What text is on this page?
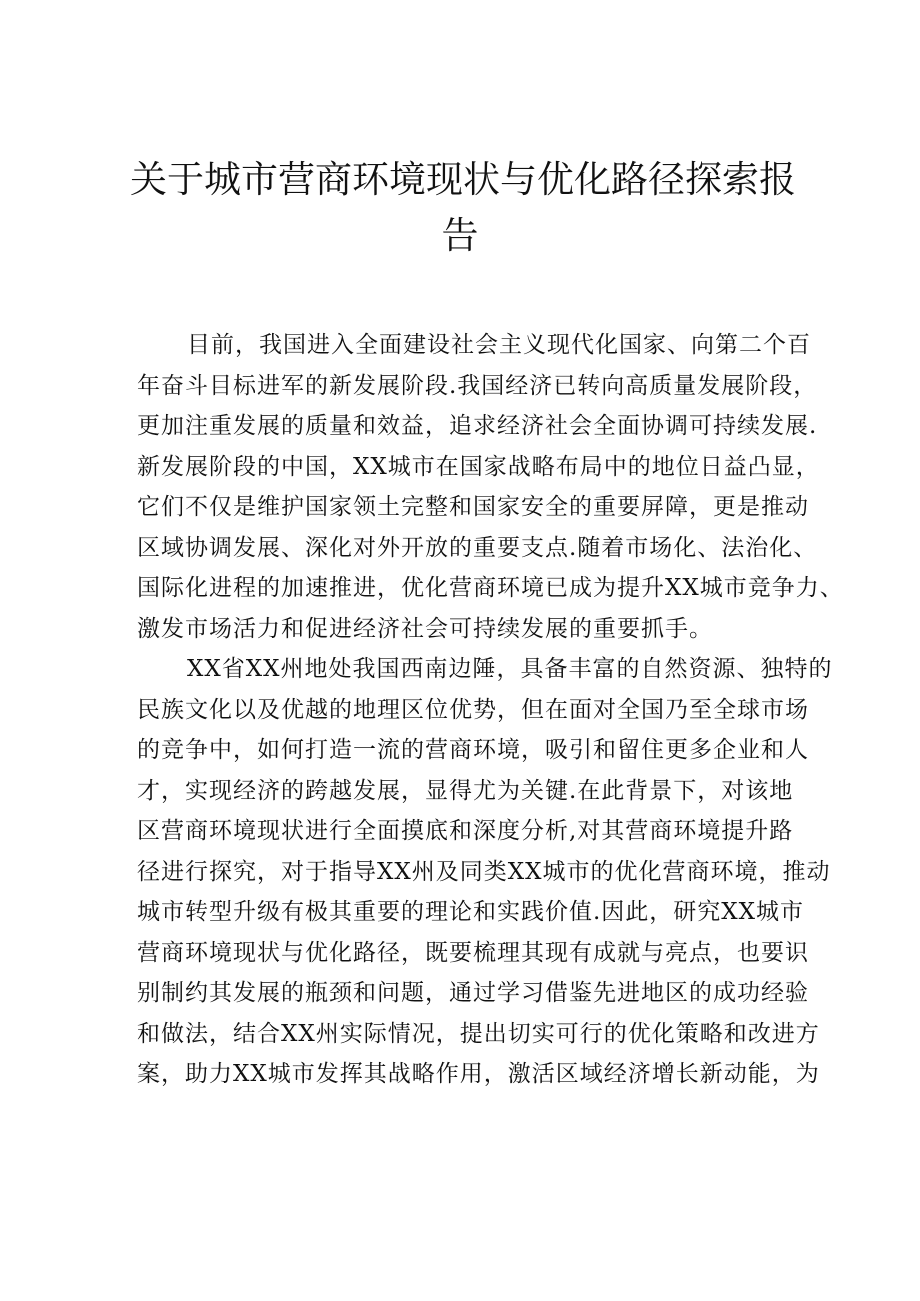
关于城市营商环境现状与优化路径探索报
告
目前，我国进入全面建设社会主义现代化国家、向第二个百
年奋斗目标进军的新发展阶段.我国经济已转向高质量发展阶段，
更加注重发展的质量和效益，追求经济社会全面协调可持续发展.
新发展阶段的中国，XX城市在国家战略布局中的地位日益凸显，
它们不仅是维护国家领土完整和国家安全的重要屏障，更是推动
区域协调发展、深化对外开放的重要支点.随着市场化、法治化、
国际化进程的加速推进，优化营商环境已成为提升XX城市竞争力、
激发市场活力和促进经济社会可持续发展的重要抓手。
XX省XX州地处我国西南边陲，具备丰富的自然资源、独特的
民族文化以及优越的地理区位优势，但在面对全国乃至全球市场
的竞争中，如何打造一流的营商环境，吸引和留住更多企业和人
才，实现经济的跨越发展，显得尤为关键.在此背景下，对该地
区营商环境现状进行全面摸底和深度分析,对其营商环境提升路
径进行探究，对于指导XX州及同类XX城市的优化营商环境，推动
城市转型升级有极其重要的理论和实践价值.因此，研究XX城市
营商环境现状与优化路径，既要梳理其现有成就与亮点，也要识
别制约其发展的瓶颈和问题，通过学习借鉴先进地区的成功经验
和做法，结合XX州实际情况，提出切实可行的优化策略和改进方
案，助力XX城市发挥其战略作用，激活区域经济增长新动能，为
